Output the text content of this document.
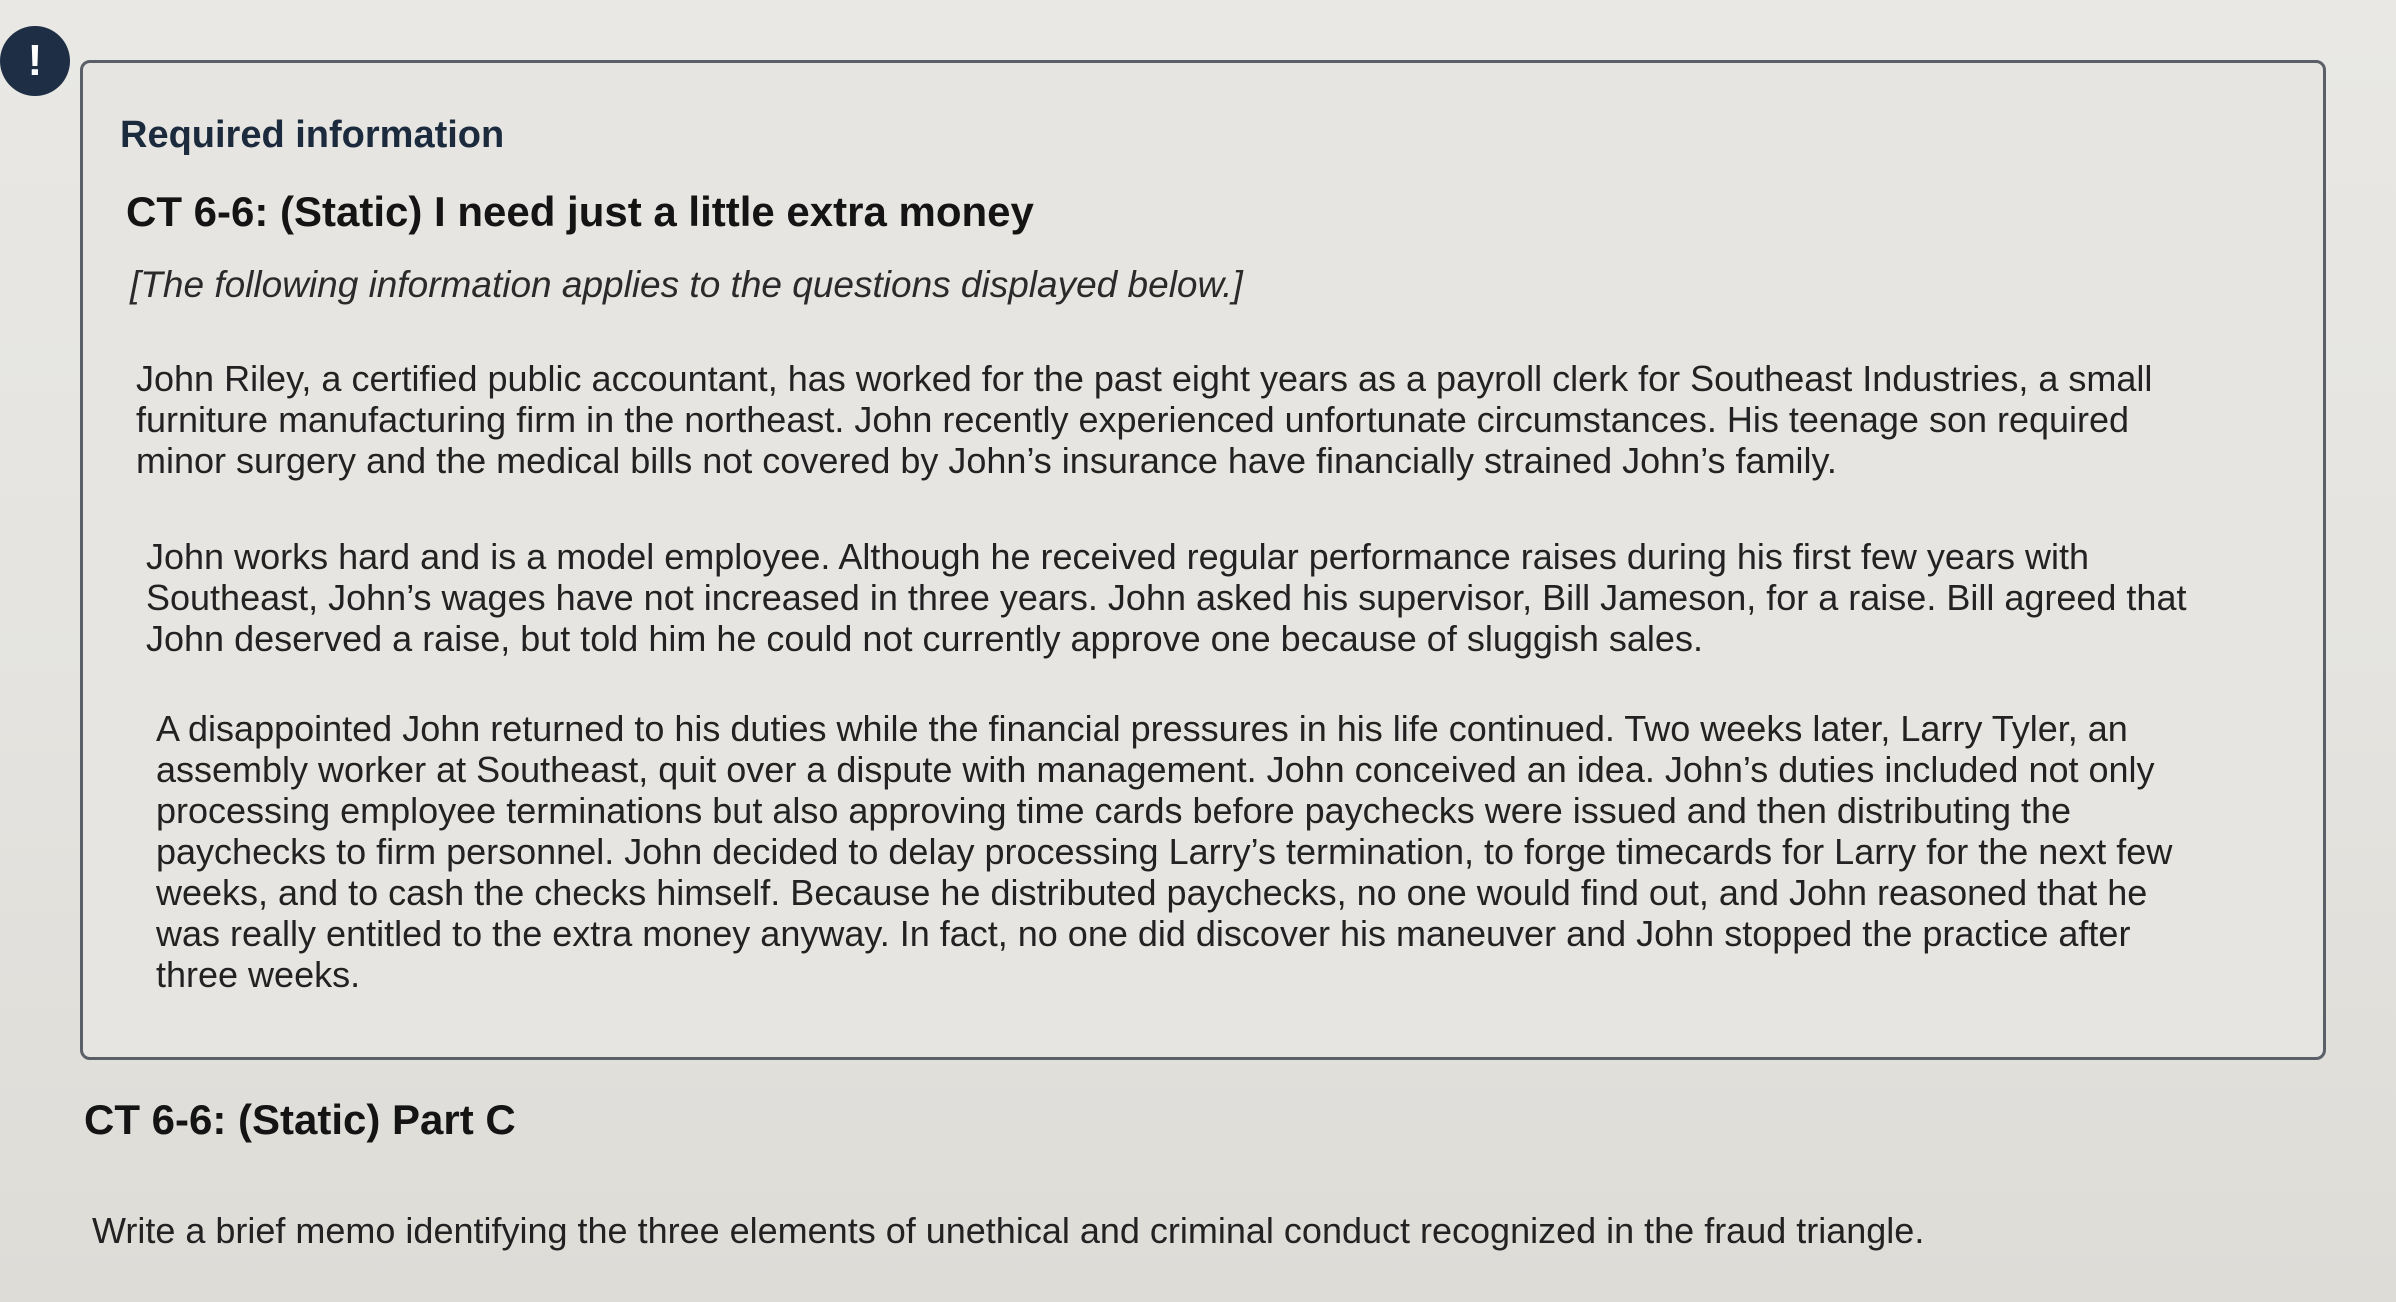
!
Required information
CT 6-6: (Static) I need just a little extra money
[The following information applies to the questions displayed below.]

John Riley, a certified public accountant, has worked for the past eight years as a payroll clerk for Southeast Industries, a small furniture manufacturing firm in the northeast. John recently experienced unfortunate circumstances. His teenage son required minor surgery and the medical bills not covered by John’s insurance have financially strained John’s family.

John works hard and is a model employee. Although he received regular performance raises during his first few years with Southeast, John’s wages have not increased in three years. John asked his supervisor, Bill Jameson, for a raise. Bill agreed that John deserved a raise, but told him he could not currently approve one because of sluggish sales.

A disappointed John returned to his duties while the financial pressures in his life continued. Two weeks later, Larry Tyler, an assembly worker at Southeast, quit over a dispute with management. John conceived an idea. John’s duties included not only processing employee terminations but also approving time cards before paychecks were issued and then distributing the paychecks to firm personnel. John decided to delay processing Larry’s termination, to forge timecards for Larry for the next few weeks, and to cash the checks himself. Because he distributed paychecks, no one would find out, and John reasoned that he was really entitled to the extra money anyway. In fact, no one did discover his maneuver and John stopped the practice after three weeks.

CT 6-6: (Static) Part C
Write a brief memo identifying the three elements of unethical and criminal conduct recognized in the fraud triangle.
